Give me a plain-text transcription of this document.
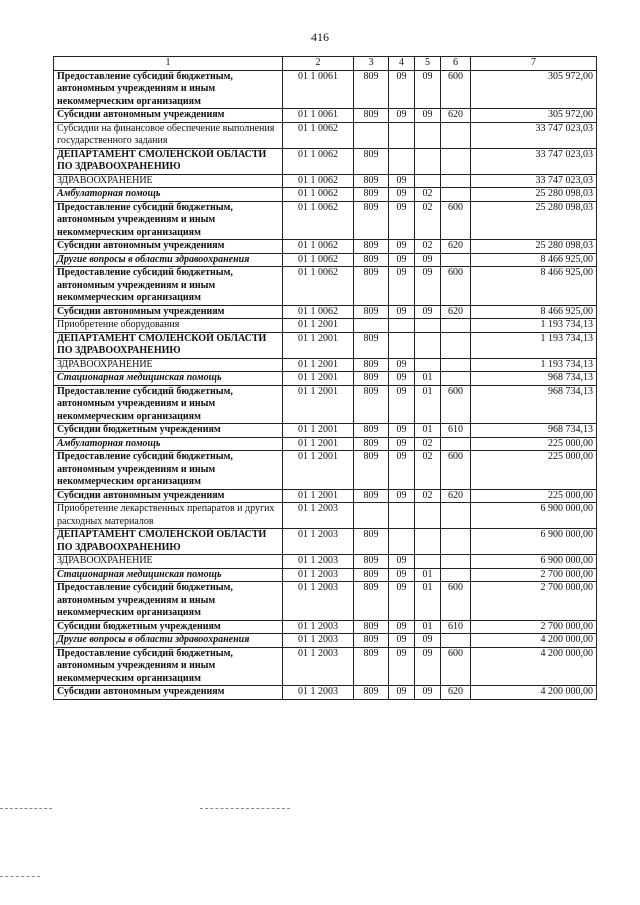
416
1	2	3	4	5	6	7
Предоставление субсидий бюджетным, автономным учреждениям и иным некоммерческим организациям	01 1 0061	809	09	09	600	305 972,00
Субсидии автономным учреждениям	01 1 0061	809	09	09	620	305 972,00
Субсидии на финансовое обеспечение выполнения государственного задания	01 1 0062					33 747 023,03
ДЕПАРТАМЕНТ СМОЛЕНСКОЙ ОБЛАСТИ ПО ЗДРАВООХРАНЕНИЮ	01 1 0062	809				33 747 023,03
ЗДРАВООХРАНЕНИЕ	01 1 0062	809	09			33 747 023,03
Амбулаторная помощь	01 1 0062	809	09	02		25 280 098,03
Предоставление субсидий бюджетным, автономным учреждениям и иным некоммерческим организациям	01 1 0062	809	09	02	600	25 280 098,03
Субсидии автономным учреждениям	01 1 0062	809	09	02	620	25 280 098,03
Другие вопросы в области здравоохранения	01 1 0062	809	09	09		8 466 925,00
Предоставление субсидий бюджетным, автономным учреждениям и иным некоммерческим организациям	01 1 0062	809	09	09	600	8 466 925,00
Субсидии автономным учреждениям	01 1 0062	809	09	09	620	8 466 925,00
Приобретение оборудования	01 1 2001					1 193 734,13
ДЕПАРТАМЕНТ СМОЛЕНСКОЙ ОБЛАСТИ ПО ЗДРАВООХРАНЕНИЮ	01 1 2001	809				1 193 734,13
ЗДРАВООХРАНЕНИЕ	01 1 2001	809	09			1 193 734,13
Стационарная медицинская помощь	01 1 2001	809	09	01		968 734,13
Предоставление субсидий бюджетным, автономным учреждениям и иным некоммерческим организациям	01 1 2001	809	09	01	600	968 734,13
Субсидии бюджетным учреждениям	01 1 2001	809	09	01	610	968 734,13
Амбулаторная помощь	01 1 2001	809	09	02		225 000,00
Предоставление субсидий бюджетным, автономным учреждениям и иным некоммерческим организациям	01 1 2001	809	09	02	600	225 000,00
Субсидии автономным учреждениям	01 1 2001	809	09	02	620	225 000,00
Приобретение лекарственных препаратов и других расходных материалов	01 1 2003					6 900 000,00
ДЕПАРТАМЕНТ СМОЛЕНСКОЙ ОБЛАСТИ ПО ЗДРАВООХРАНЕНИЮ	01 1 2003	809				6 900 000,00
ЗДРАВООХРАНЕНИЕ	01 1 2003	809	09			6 900 000,00
Стационарная медицинская помощь	01 1 2003	809	09	01		2 700 000,00
Предоставление субсидий бюджетным, автономным учреждениям и иным некоммерческим организациям	01 1 2003	809	09	01	600	2 700 000,00
Субсидии бюджетным учреждениям	01 1 2003	809	09	01	610	2 700 000,00
Другие вопросы в области здравоохранения	01 1 2003	809	09	09		4 200 000,00
Предоставление субсидий бюджетным, автономным учреждениям и иным некоммерческим организациям	01 1 2003	809	09	09	600	4 200 000,00
Субсидии автономным учреждениям	01 1 2003	809	09	09	620	4 200 000,00
